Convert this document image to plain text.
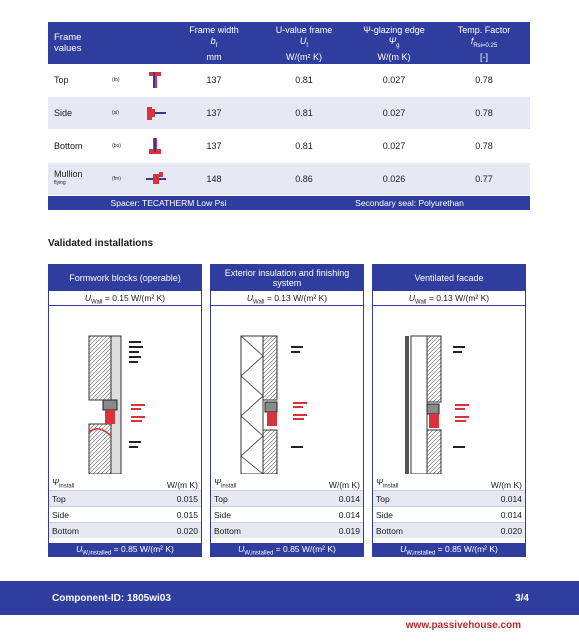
Frame
values
Frame width
$b_f$
mm
U-value frame
$U_f$
W/(m² K)
Ψ-glazing edge
$\Psi_g$
W/(m K)
Temp. Factor
$f_{Rsi=0.25}$
[-]
Top	(to)	137	0.81	0.027	0.78
Side	(si)	137	0.81	0.027	0.78
Bottom	(bo)	137	0.81	0.027	0.78
Mullion
flying
(fm)	148	0.86	0.026	0.77
Spacer: TECATHERM Low Psi	Secondary seal: Polyurethan
Validated installations
Formwork blocks (operable)
$U_{Wall} = 0.15$ W/(m² K)
$\Psi_{install}$	W/(m K)
Top	0.015
Side	0.015
Bottom	0.020
$U_{W,installed} = 0.85$ W/(m² K)
Exterior insulation and finishing system
$U_{Wall} = 0.13$ W/(m² K)
$\Psi_{install}$	W/(m K)
Top	0.014
Side	0.014
Bottom	0.019
$U_{W,installed} = 0.85$ W/(m² K)
Ventilated facade
$U_{Wall} = 0.13$ W/(m² K)
$\Psi_{install}$	W/(m K)
Top	0.014
Side	0.014
Bottom	0.020
$U_{W,installed} = 0.85$ W/(m² K)
Component-ID: 1805wi03	3/4
www.passivehouse.com
